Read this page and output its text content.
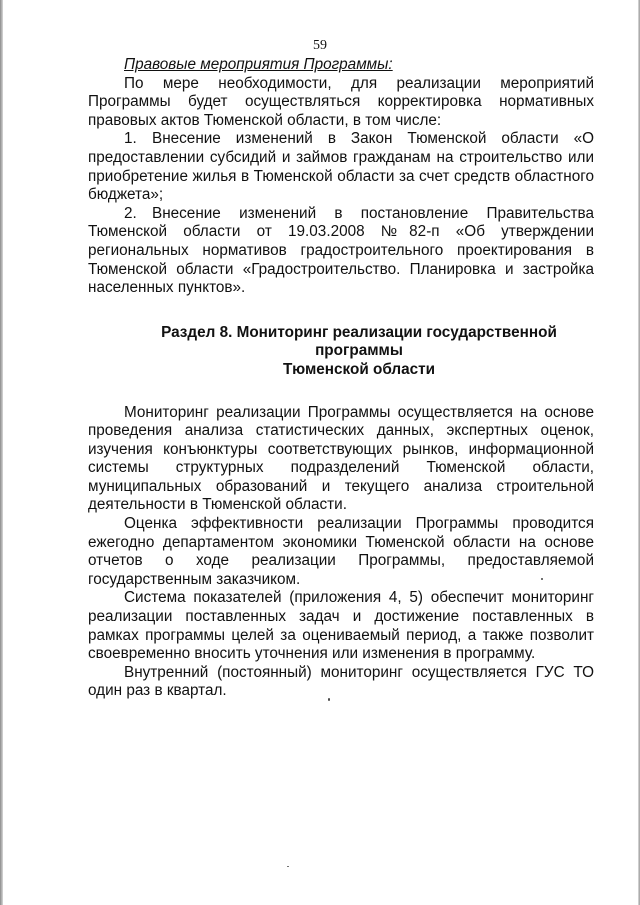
59

Правовые мероприятия Программы:

По мере необходимости, для реализации мероприятий Программы будет осуществляться корректировка нормативных правовых актов Тюменской области, в том числе:

1. Внесение изменений в Закон Тюменской области «О предоставлении субсидий и займов гражданам на строительство или приобретение жилья в Тюменской области за счет средств областного бюджета»;

2. Внесение изменений в постановление Правительства Тюменской области от 19.03.2008 №82-п «Об утверждении региональных нормативов градостроительного проектирования в Тюменской области «Градостроительство. Планировка и застройка населенных пунктов».

Раздел 8. Мониторинг реализации государственной программы
Тюменской области

Мониторинг реализации Программы осуществляется на основе проведения анализа статистических данных, экспертных оценок, изучения конъюнктуры соответствующих рынков, информационной системы структурных подразделений Тюменской области, муниципальных образований и текущего анализа строительной деятельности в Тюменской области.

Оценка эффективности реализации Программы проводится ежегодно департаментом экономики Тюменской области на основе отчетов о ходе реализации Программы, предоставляемой государственным заказчиком.

Система показателей (приложения 4, 5) обеспечит мониторинг реализации поставленных задач и достижение поставленных в рамках программы целей за оцениваемый период, а также позволит своевременно вносить уточнения или изменения в программу.

Внутренний (постоянный) мониторинг осуществляется ГУС ТО один раз в квартал.
